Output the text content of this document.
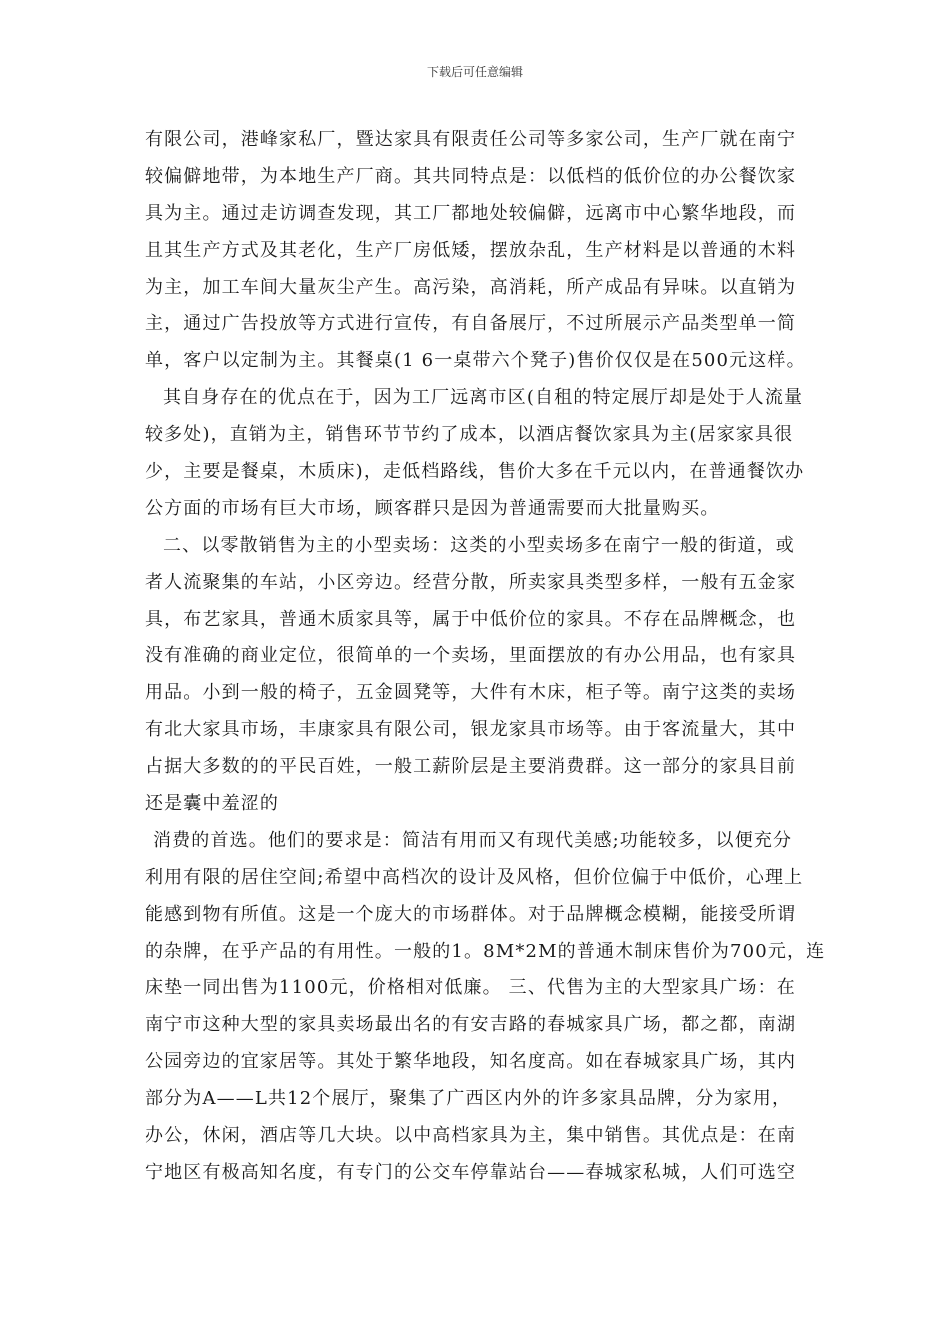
下载后可任意编辑
有限公司，港峰家私厂，暨达家具有限责任公司等多家公司，生产厂就在南宁
较偏僻地带，为本地生产厂商。其共同特点是：以低档的低价位的办公餐饮家
具为主。通过走访调查发现，其工厂都地处较偏僻，远离市中心繁华地段，而
且其生产方式及其老化，生产厂房低矮，摆放杂乱，生产材料是以普通的木料
为主，加工车间大量灰尘产生。高污染，高消耗，所产成品有异味。以直销为
主，通过广告投放等方式进行宣传，有自备展厅，不过所展示产品类型单一简
单，客户以定制为主。其餐桌(1 6一桌带六个凳子)售价仅仅是在500元这样。
其自身存在的优点在于，因为工厂远离市区(自租的特定展厅却是处于人流量
较多处)，直销为主，销售环节节约了成本，以酒店餐饮家具为主(居家家具很
少，主要是餐桌，木质床)，走低档路线，售价大多在千元以内，在普通餐饮办
公方面的市场有巨大市场，顾客群只是因为普通需要而大批量购买。
二、以零散销售为主的小型卖场：这类的小型卖场多在南宁一般的街道，或
者人流聚集的车站，小区旁边。经营分散，所卖家具类型多样，一般有五金家
具，布艺家具，普通木质家具等，属于中低价位的家具。不存在品牌概念，也
没有准确的商业定位，很简单的一个卖场，里面摆放的有办公用品，也有家具
用品。小到一般的椅子，五金圆凳等，大件有木床，柜子等。南宁这类的卖场
有北大家具市场，丰康家具有限公司，银龙家具市场等。由于客流量大，其中
占据大多数的的平民百姓，一般工薪阶层是主要消费群。这一部分的家具目前
还是囊中羞涩的
消费的首选。他们的要求是：简洁有用而又有现代美感;功能较多，以便充分
利用有限的居住空间;希望中高档次的设计及风格，但价位偏于中低价，心理上
能感到物有所值。这是一个庞大的市场群体。对于品牌概念模糊，能接受所谓
的杂牌，在乎产品的有用性。一般的1。8M*2M的普通木制床售价为700元，连
床垫一同出售为1100元，价格相对低廉。 三、代售为主的大型家具广场：在
南宁市这种大型的家具卖场最出名的有安吉路的春城家具广场，都之都，南湖
公园旁边的宜家居等。其处于繁华地段，知名度高。如在春城家具广场，其内
部分为A——L共12个展厅，聚集了广西区内外的许多家具品牌，分为家用，
办公，休闲，酒店等几大块。以中高档家具为主，集中销售。其优点是：在南
宁地区有极高知名度，有专门的公交车停靠站台——春城家私城，人们可选空
